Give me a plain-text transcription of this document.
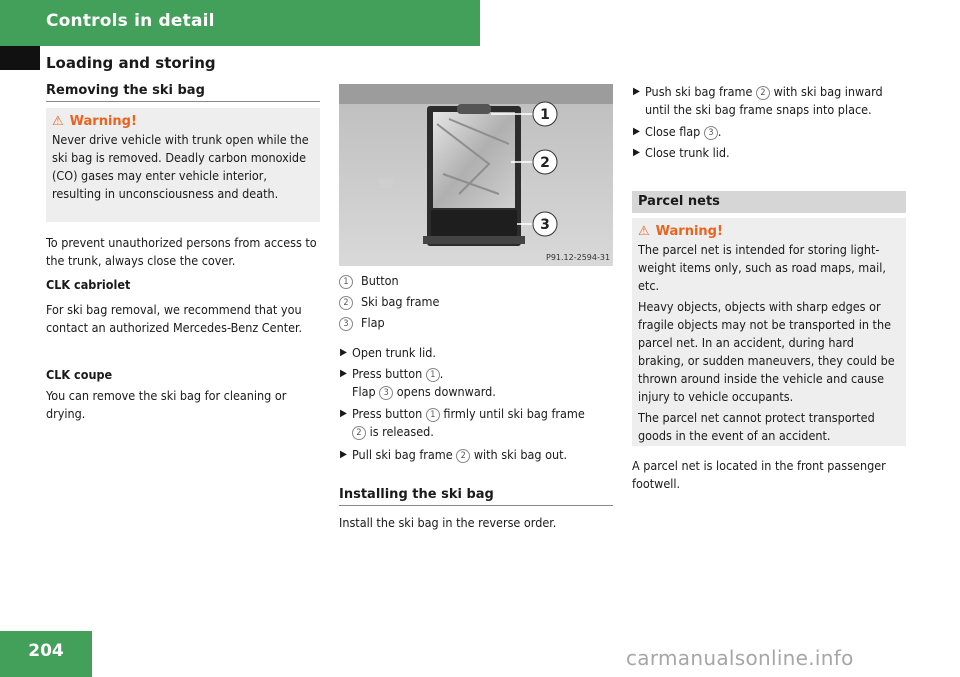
Controls in detail
Loading and storing
Removing the ski bag
⚠ Warning!

Never drive vehicle with trunk open while the ski bag is removed. Deadly carbon monoxide (CO) gases may enter vehicle interior, resulting in unconsciousness and death.

To prevent unauthorized persons from access to the trunk, always close the cover.
CLK cabriolet
For ski bag removal, we recommend that you contact an authorized Mercedes-Benz Center.
CLK coupe
You can remove the ski bag for cleaning or drying.
1
2
3
P91.12-2594-31
1 Button
2 Ski bag frame
3 Flap
▶ Open trunk lid.
▶ Press button 1 .
Flap 3 opens downward.
▶ Press button 1 firmly until ski bag frame
2 is released.
▶ Pull ski bag frame 2 with ski bag out.
Installing the ski bag
Install the ski bag in the reverse order.
▶ Push ski bag frame 2 with ski bag inward
until the ski bag frame snaps into place.
▶ Close flap 3 .
▶ Close trunk lid.
Parcel nets
⚠ Warning!

The parcel net is intended for storing light-weight items only, such as road maps, mail, etc.

Heavy objects, objects with sharp edges or fragile objects may not be transported in the parcel net. In an accident, during hard braking, or sudden maneuvers, they could be thrown around inside the vehicle and cause injury to vehicle occupants.

The parcel net cannot protect transported goods in the event of an accident.

A parcel net is located in the front passenger footwell.
204	carmanualsonline.info
